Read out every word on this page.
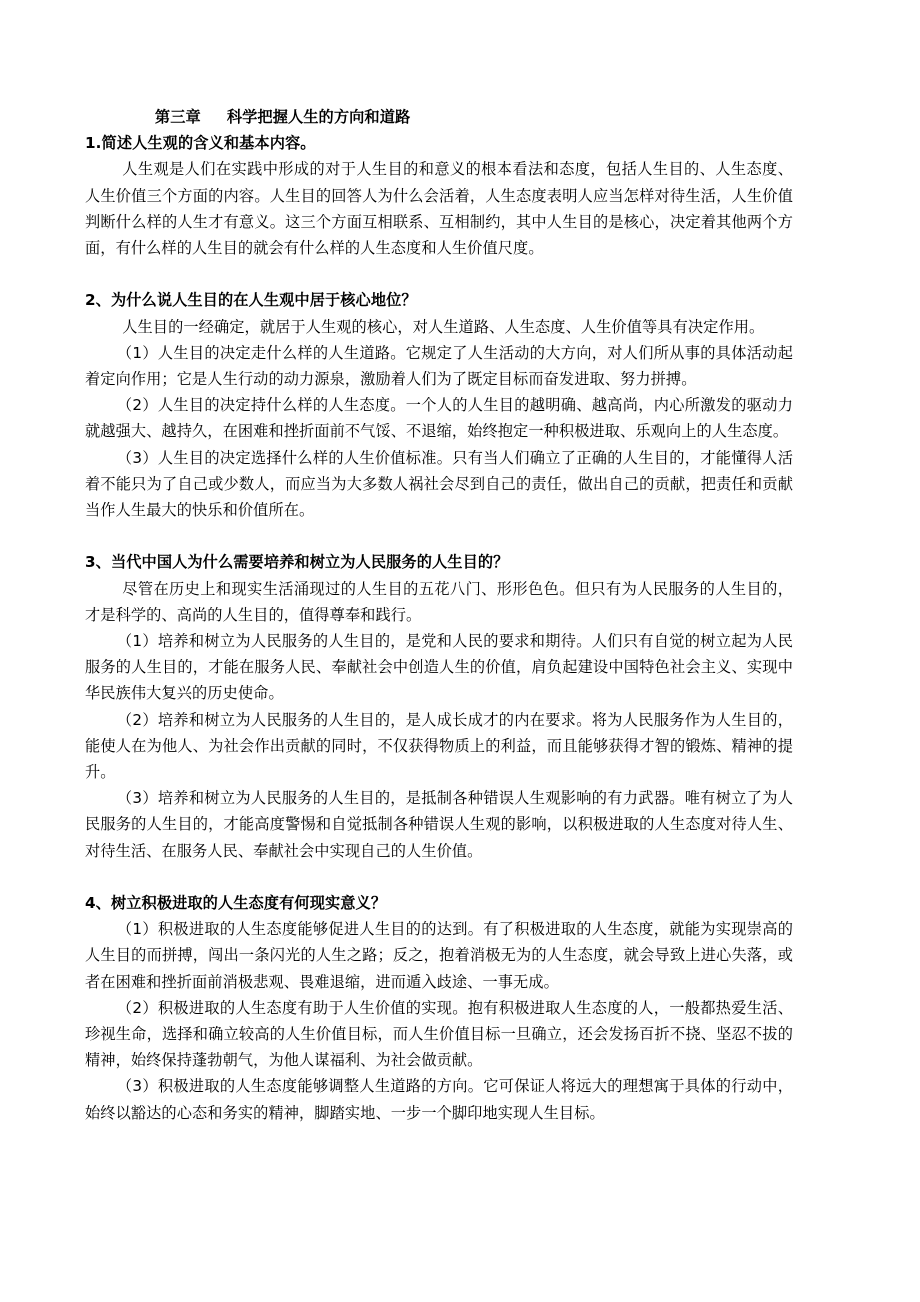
第三章　  科学把握人生的方向和道路

1.简述人生观的含义和基本内容。

人生观是人们在实践中形成的对于人生目的和意义的根本看法和态度，包括人生目的、人生态度、人生价值三个方面的内容。人生目的回答人为什么会活着，人生态度表明人应当怎样对待生活，人生价值判断什么样的人生才有意义。这三个方面互相联系、互相制约，其中人生目的是核心，决定着其他两个方面，有什么样的人生目的就会有什么样的人生态度和人生价值尺度。

2、为什么说人生目的在人生观中居于核心地位？

人生目的一经确定，就居于人生观的核心，对人生道路、人生态度、人生价值等具有决定作用。

（1）人生目的决定走什么样的人生道路。它规定了人生活动的大方向，对人们所从事的具体活动起着定向作用；它是人生行动的动力源泉，激励着人们为了既定目标而奋发进取、努力拼搏。

（2）人生目的决定持什么样的人生态度。一个人的人生目的越明确、越高尚，内心所激发的驱动力就越强大、越持久，在困难和挫折面前不气馁、不退缩，始终抱定一种积极进取、乐观向上的人生态度。

（3）人生目的决定选择什么样的人生价值标准。只有当人们确立了正确的人生目的，才能懂得人活着不能只为了自己或少数人，而应当为大多数人祸社会尽到自己的责任，做出自己的贡献，把责任和贡献当作人生最大的快乐和价值所在。

3、当代中国人为什么需要培养和树立为人民服务的人生目的？

尽管在历史上和现实生活涌现过的人生目的五花八门、形形色色。但只有为人民服务的人生目的，才是科学的、高尚的人生目的，值得尊奉和践行。

（1）培养和树立为人民服务的人生目的，是党和人民的要求和期待。人们只有自觉的树立起为人民服务的人生目的，才能在服务人民、奉献社会中创造人生的价值，肩负起建设中国特色社会主义、实现中华民族伟大复兴的历史使命。

（2）培养和树立为人民服务的人生目的，是人成长成才的内在要求。将为人民服务作为人生目的，能使人在为他人、为社会作出贡献的同时，不仅获得物质上的利益，而且能够获得才智的锻炼、精神的提升。

（3）培养和树立为人民服务的人生目的，是抵制各种错误人生观影响的有力武器。唯有树立了为人民服务的人生目的，才能高度警惕和自觉抵制各种错误人生观的影响，以积极进取的人生态度对待人生、对待生活、在服务人民、奉献社会中实现自己的人生价值。

4、树立积极进取的人生态度有何现实意义？

（1）积极进取的人生态度能够促进人生目的的达到。有了积极进取的人生态度，就能为实现崇高的人生目的而拼搏，闯出一条闪光的人生之路；反之，抱着消极无为的人生态度，就会导致上进心失落，或者在困难和挫折面前消极悲观、畏难退缩，进而遁入歧途、一事无成。

（2）积极进取的人生态度有助于人生价值的实现。抱有积极进取人生态度的人，一般都热爱生活、珍视生命，选择和确立较高的人生价值目标，而人生价值目标一旦确立，还会发扬百折不挠、坚忍不拔的精神，始终保持蓬勃朝气，为他人谋福利、为社会做贡献。

（3）积极进取的人生态度能够调整人生道路的方向。它可保证人将远大的理想寓于具体的行动中，始终以豁达的心态和务实的精神，脚踏实地、一步一个脚印地实现人生目标。
